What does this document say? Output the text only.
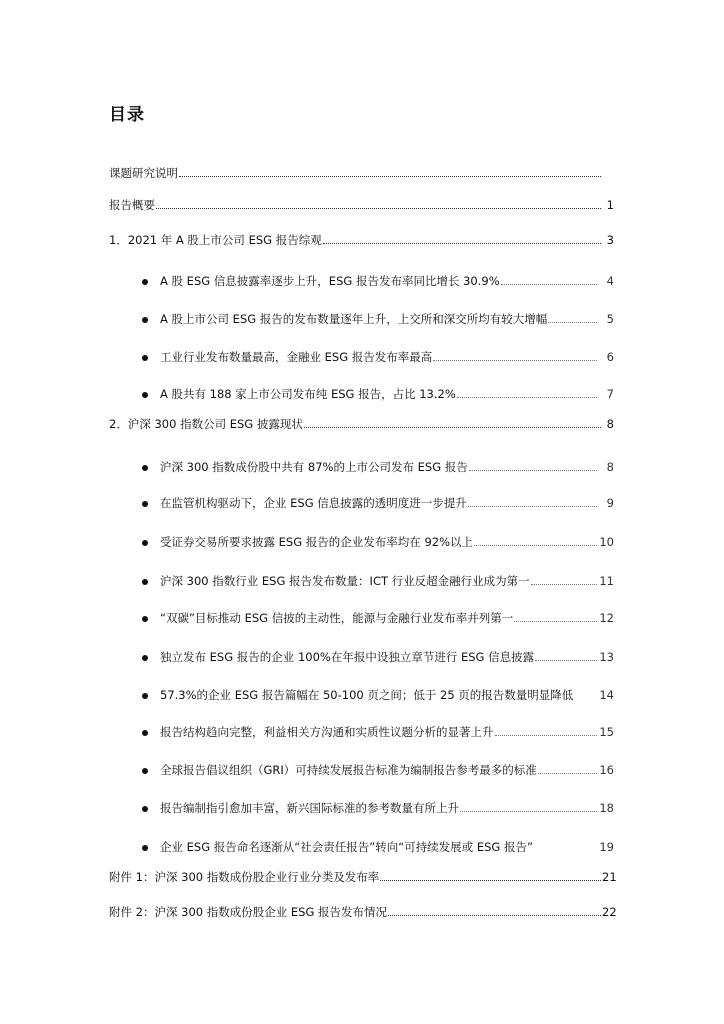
目录
课题研究说明
报告概要	1
1．2021 年 A 股上市公司 ESG 报告综观	3
A 股 ESG 信息披露率逐步上升，ESG 报告发布率同比增长 30.9%	4
A 股上市公司 ESG 报告的发布数量逐年上升，上交所和深交所均有较大增幅	5
工业行业发布数量最高，金融业 ESG 报告发布率最高	6
A 股共有 188 家上市公司发布纯 ESG 报告，占比 13.2%	7
2．沪深 300 指数公司 ESG 披露现状	8
沪深 300 指数成份股中共有 87%的上市公司发布 ESG 报告	8
在监管机构驱动下，企业 ESG 信息披露的透明度进一步提升	9
受证券交易所要求披露 ESG 报告的企业发布率均在 92%以上	10
沪深 300 指数行业 ESG 报告发布数量：ICT 行业反超金融行业成为第一	11
“双碳”目标推动 ESG 信披的主动性，能源与金融行业发布率并列第一	12
独立发布 ESG 报告的企业 100%在年报中设独立章节进行 ESG 信息披露	13
57.3%的企业 ESG 报告篇幅在 50-100 页之间；低于 25 页的报告数量明显降低 14
报告结构趋向完整，利益相关方沟通和实质性议题分析的显著上升	15
全球报告倡议组织（GRI）可持续发展报告标准为编制报告参考最多的标准	16
报告编制指引愈加丰富，新兴国际标准的参考数量有所上升	18
企业 ESG 报告命名逐渐从“社会责任报告”转向“可持续发展或 ESG 报告”	19
附件 1：沪深 300 指数成份股企业行业分类及发布率	21
附件 2：沪深 300 指数成份股企业 ESG 报告发布情况	22
